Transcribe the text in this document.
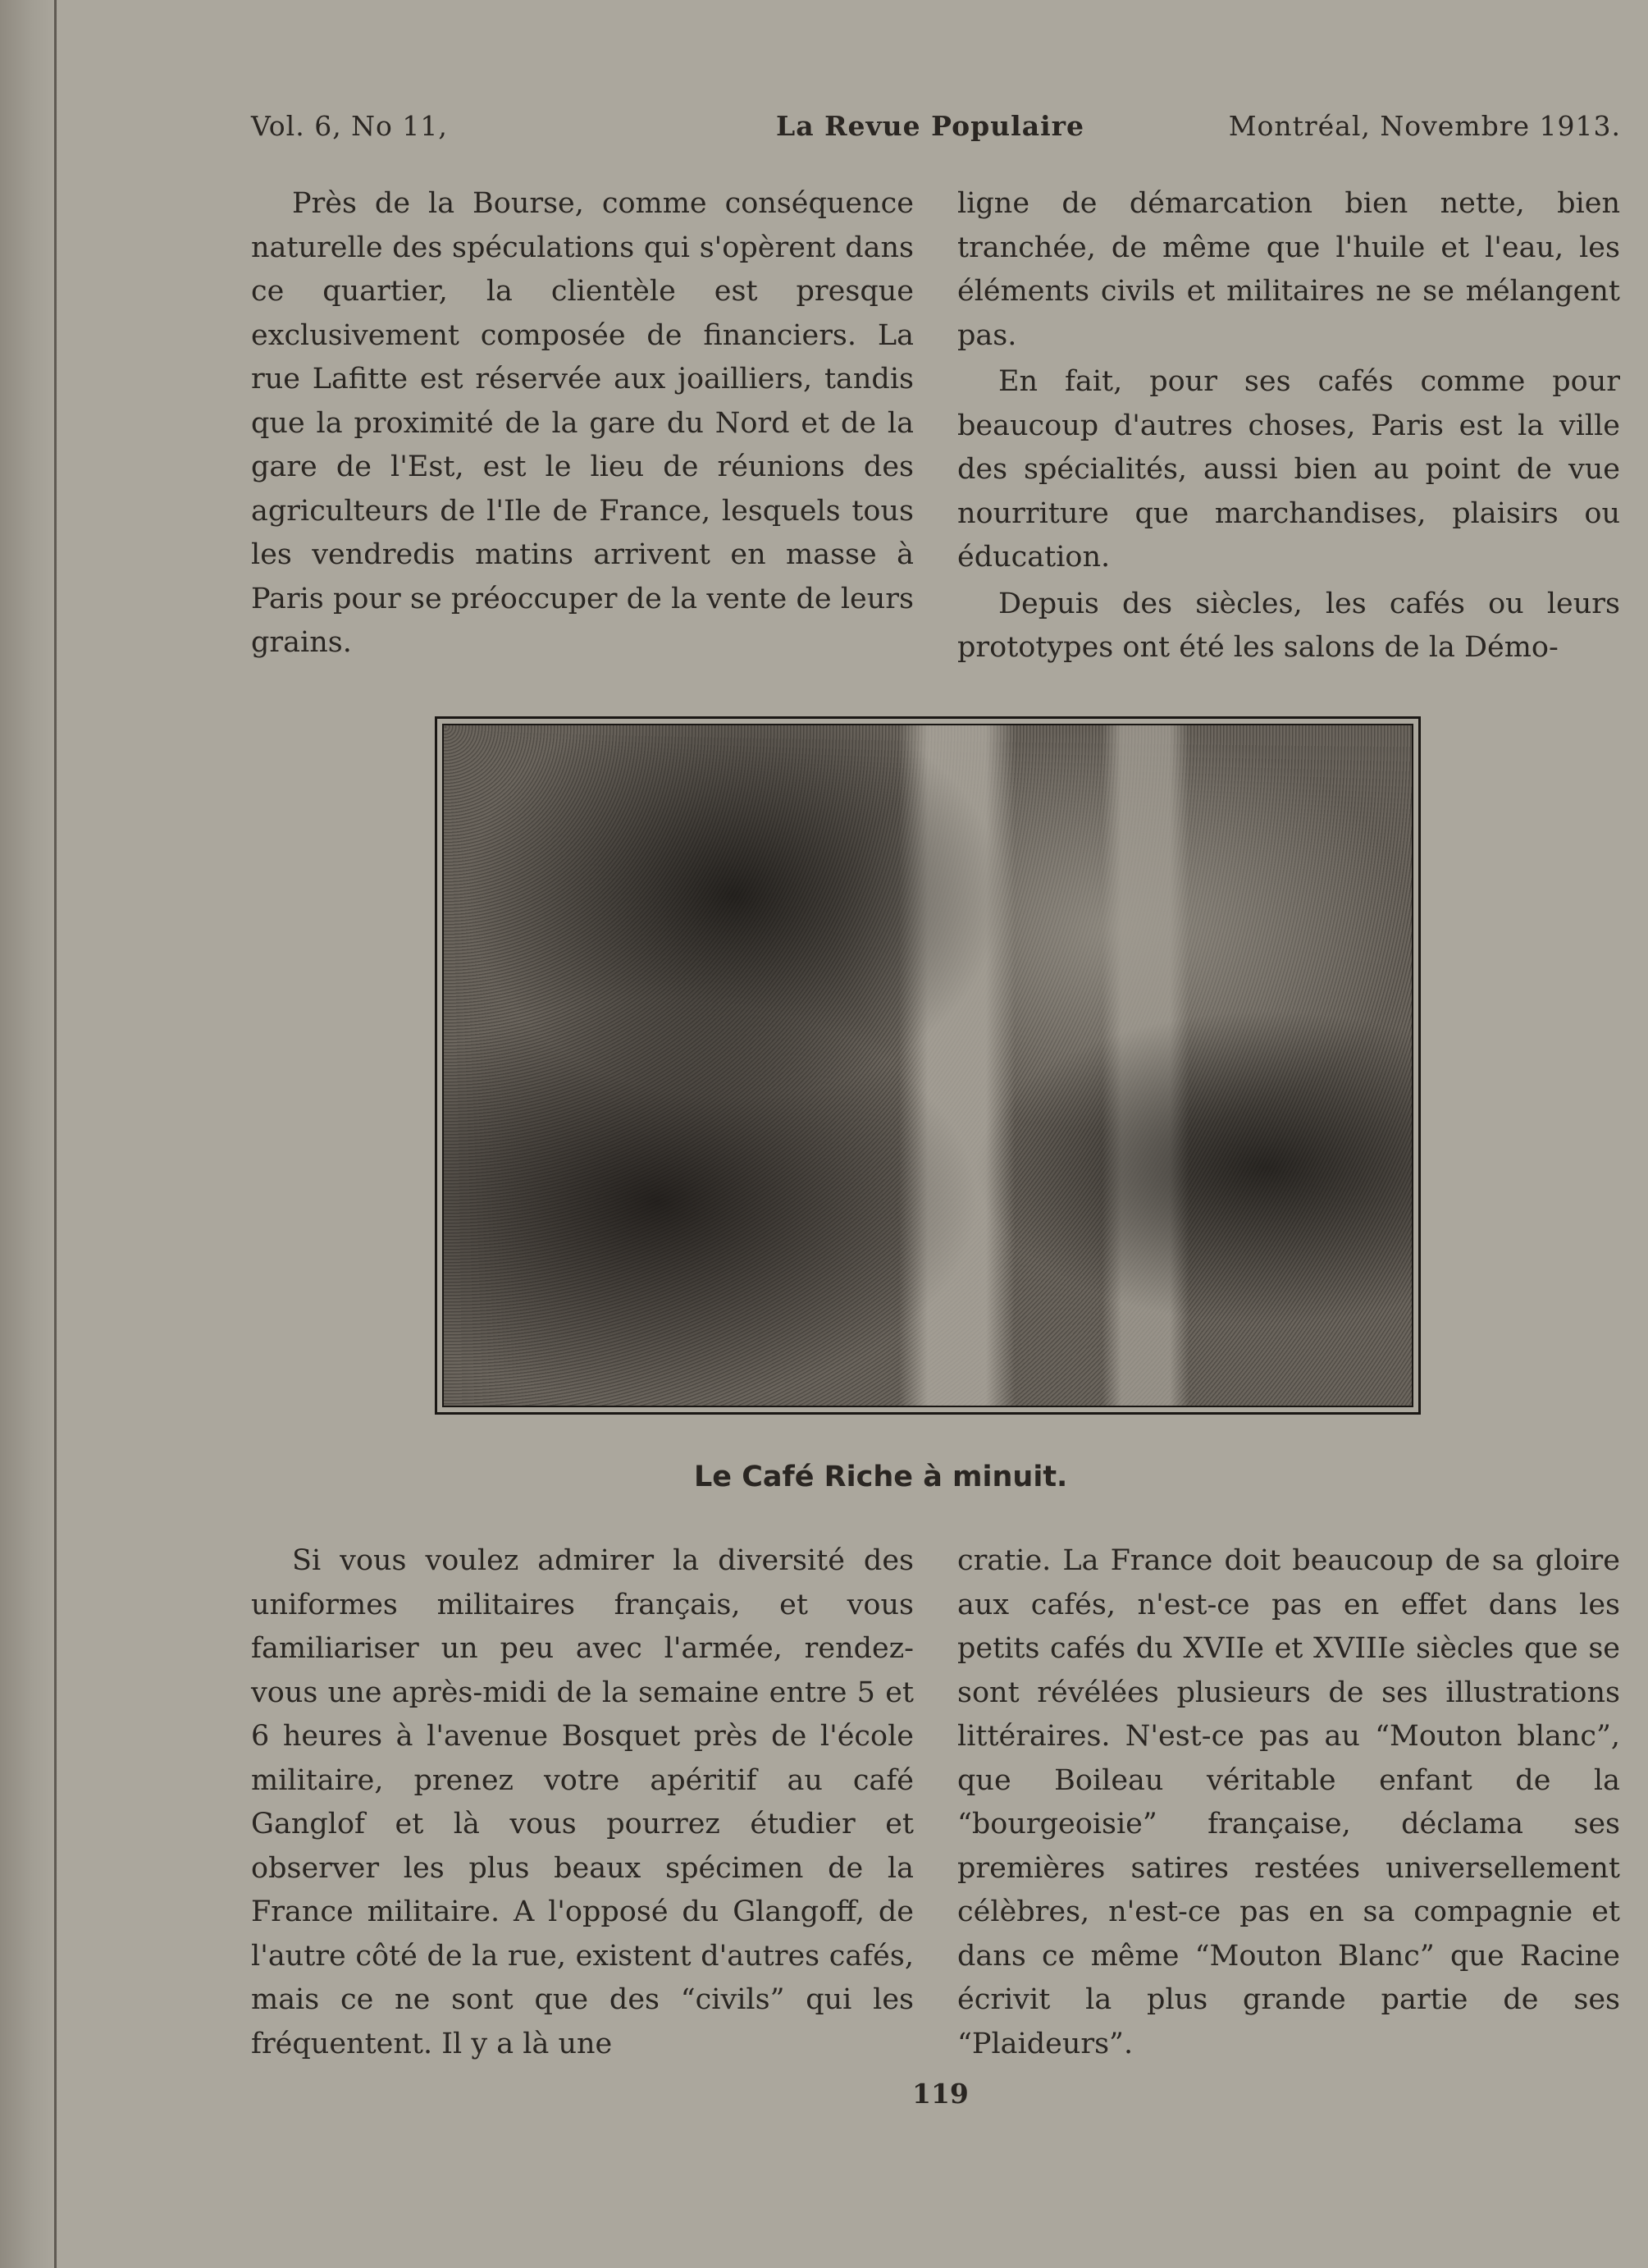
Vol. 6, No 11,	La Revue Populaire	Montréal, Novembre 1913.

Près de la Bourse, comme conséquence naturelle des spéculations qui s'opèrent dans ce quartier, la clientèle est presque exclusivement composée de financiers. La rue Lafitte est réservée aux joailliers, tandis que la proximité de la gare du Nord et de la gare de l'Est, est le lieu de réunions des agriculteurs de l'Ile de France, lesquels tous les vendredis matins arrivent en masse à Paris pour se préoccuper de la vente de leurs grains.

ligne de démarcation bien nette, bien tranchée, de même que l'huile et l'eau, les éléments civils et militaires ne se mélangent pas.

En fait, pour ses cafés comme pour beaucoup d'autres choses, Paris est la ville des spécialités, aussi bien au point de vue nourriture que marchandises, plaisirs ou éducation.

Depuis des siècles, les cafés ou leurs prototypes ont été les salons de la Démo-

Le Café Riche à minuit.

Si vous voulez admirer la diversité des uniformes militaires français, et vous familiariser un peu avec l'armée, rendez-vous une après-midi de la semaine entre 5 et 6 heures à l'avenue Bosquet près de l'école militaire, prenez votre apéritif au café Ganglof et là vous pourrez étudier et observer les plus beaux spécimen de la France militaire. A l'opposé du Glangoff, de l'autre côté de la rue, existent d'autres cafés, mais ce ne sont que des “civils” qui les fréquentent. Il y a là une

cratie. La France doit beaucoup de sa gloire aux cafés, n'est-ce pas en effet dans les petits cafés du XVIIe et XVIIIe siècles que se sont révélées plusieurs de ses illustrations littéraires. N'est-ce pas au “Mouton blanc”, que Boileau véritable enfant de la “bourgeoisie” française, déclama ses premières satires restées universellement célèbres, n'est-ce pas en sa compagnie et dans ce même “Mouton Blanc” que Racine écrivit la plus grande partie de ses “Plaideurs”.

119
